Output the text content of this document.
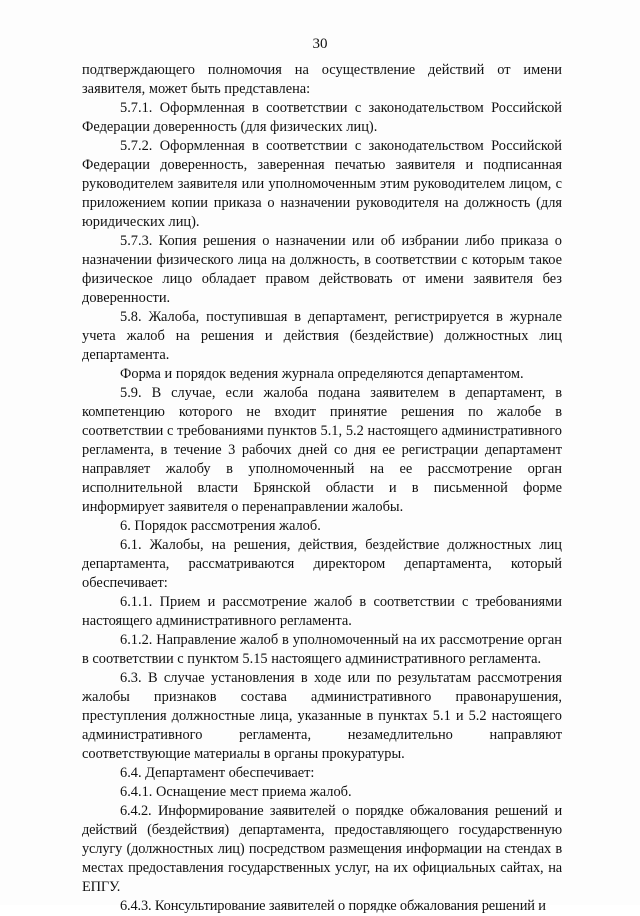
30

подтверждающего полномочия на осуществление действий от имени заявителя, может быть представлена:

5.7.1. Оформленная в соответствии с законодательством Российской Федерации доверенность (для физических лиц).

5.7.2. Оформленная в соответствии с законодательством Российской Федерации доверенность, заверенная печатью заявителя и подписанная руководителем заявителя или уполномоченным этим руководителем лицом, с приложением копии приказа о назначении руководителя на должность (для юридических лиц).

5.7.3. Копия решения о назначении или об избрании либо приказа о назначении физического лица на должность, в соответствии с которым такое физическое лицо обладает правом действовать от имени заявителя без доверенности.

5.8. Жалоба, поступившая в департамент, регистрируется в журнале учета жалоб на решения и действия (бездействие) должностных лиц департамента.

Форма и порядок ведения журнала определяются департаментом.

5.9. В случае, если жалоба подана заявителем в департамент, в компетенцию которого не входит принятие решения по жалобе в соответствии с требованиями пунктов 5.1, 5.2 настоящего административного регламента, в течение 3 рабочих дней со дня ее регистрации департамент направляет жалобу в уполномоченный на ее рассмотрение орган исполнительной власти Брянской области и в письменной форме информирует заявителя о перенаправлении жалобы.

6. Порядок рассмотрения жалоб.

6.1. Жалобы, на решения, действия, бездействие должностных лиц департамента, рассматриваются директором департамента, который обеспечивает:

6.1.1. Прием и рассмотрение жалоб в соответствии с требованиями настоящего административного регламента.

6.1.2. Направление жалоб в уполномоченный на их рассмотрение орган в соответствии с пунктом 5.15 настоящего административного регламента.

6.3. В случае установления в ходе или по результатам рассмотрения жалобы признаков состава административного правонарушения, преступления должностные лица, указанные в пунктах 5.1 и 5.2 настоящего административного регламента, незамедлительно направляют соответствующие материалы в органы прокуратуры.

6.4. Департамент обеспечивает:

6.4.1. Оснащение мест приема жалоб.

6.4.2. Информирование заявителей о порядке обжалования решений и действий (бездействия) департамента, предоставляющего государственную услугу (должностных лиц) посредством размещения информации на стендах в местах предоставления государственных услуг, на их официальных сайтах, на ЕПГУ.

6.4.3. Консультирование заявителей о порядке обжалования решений и
